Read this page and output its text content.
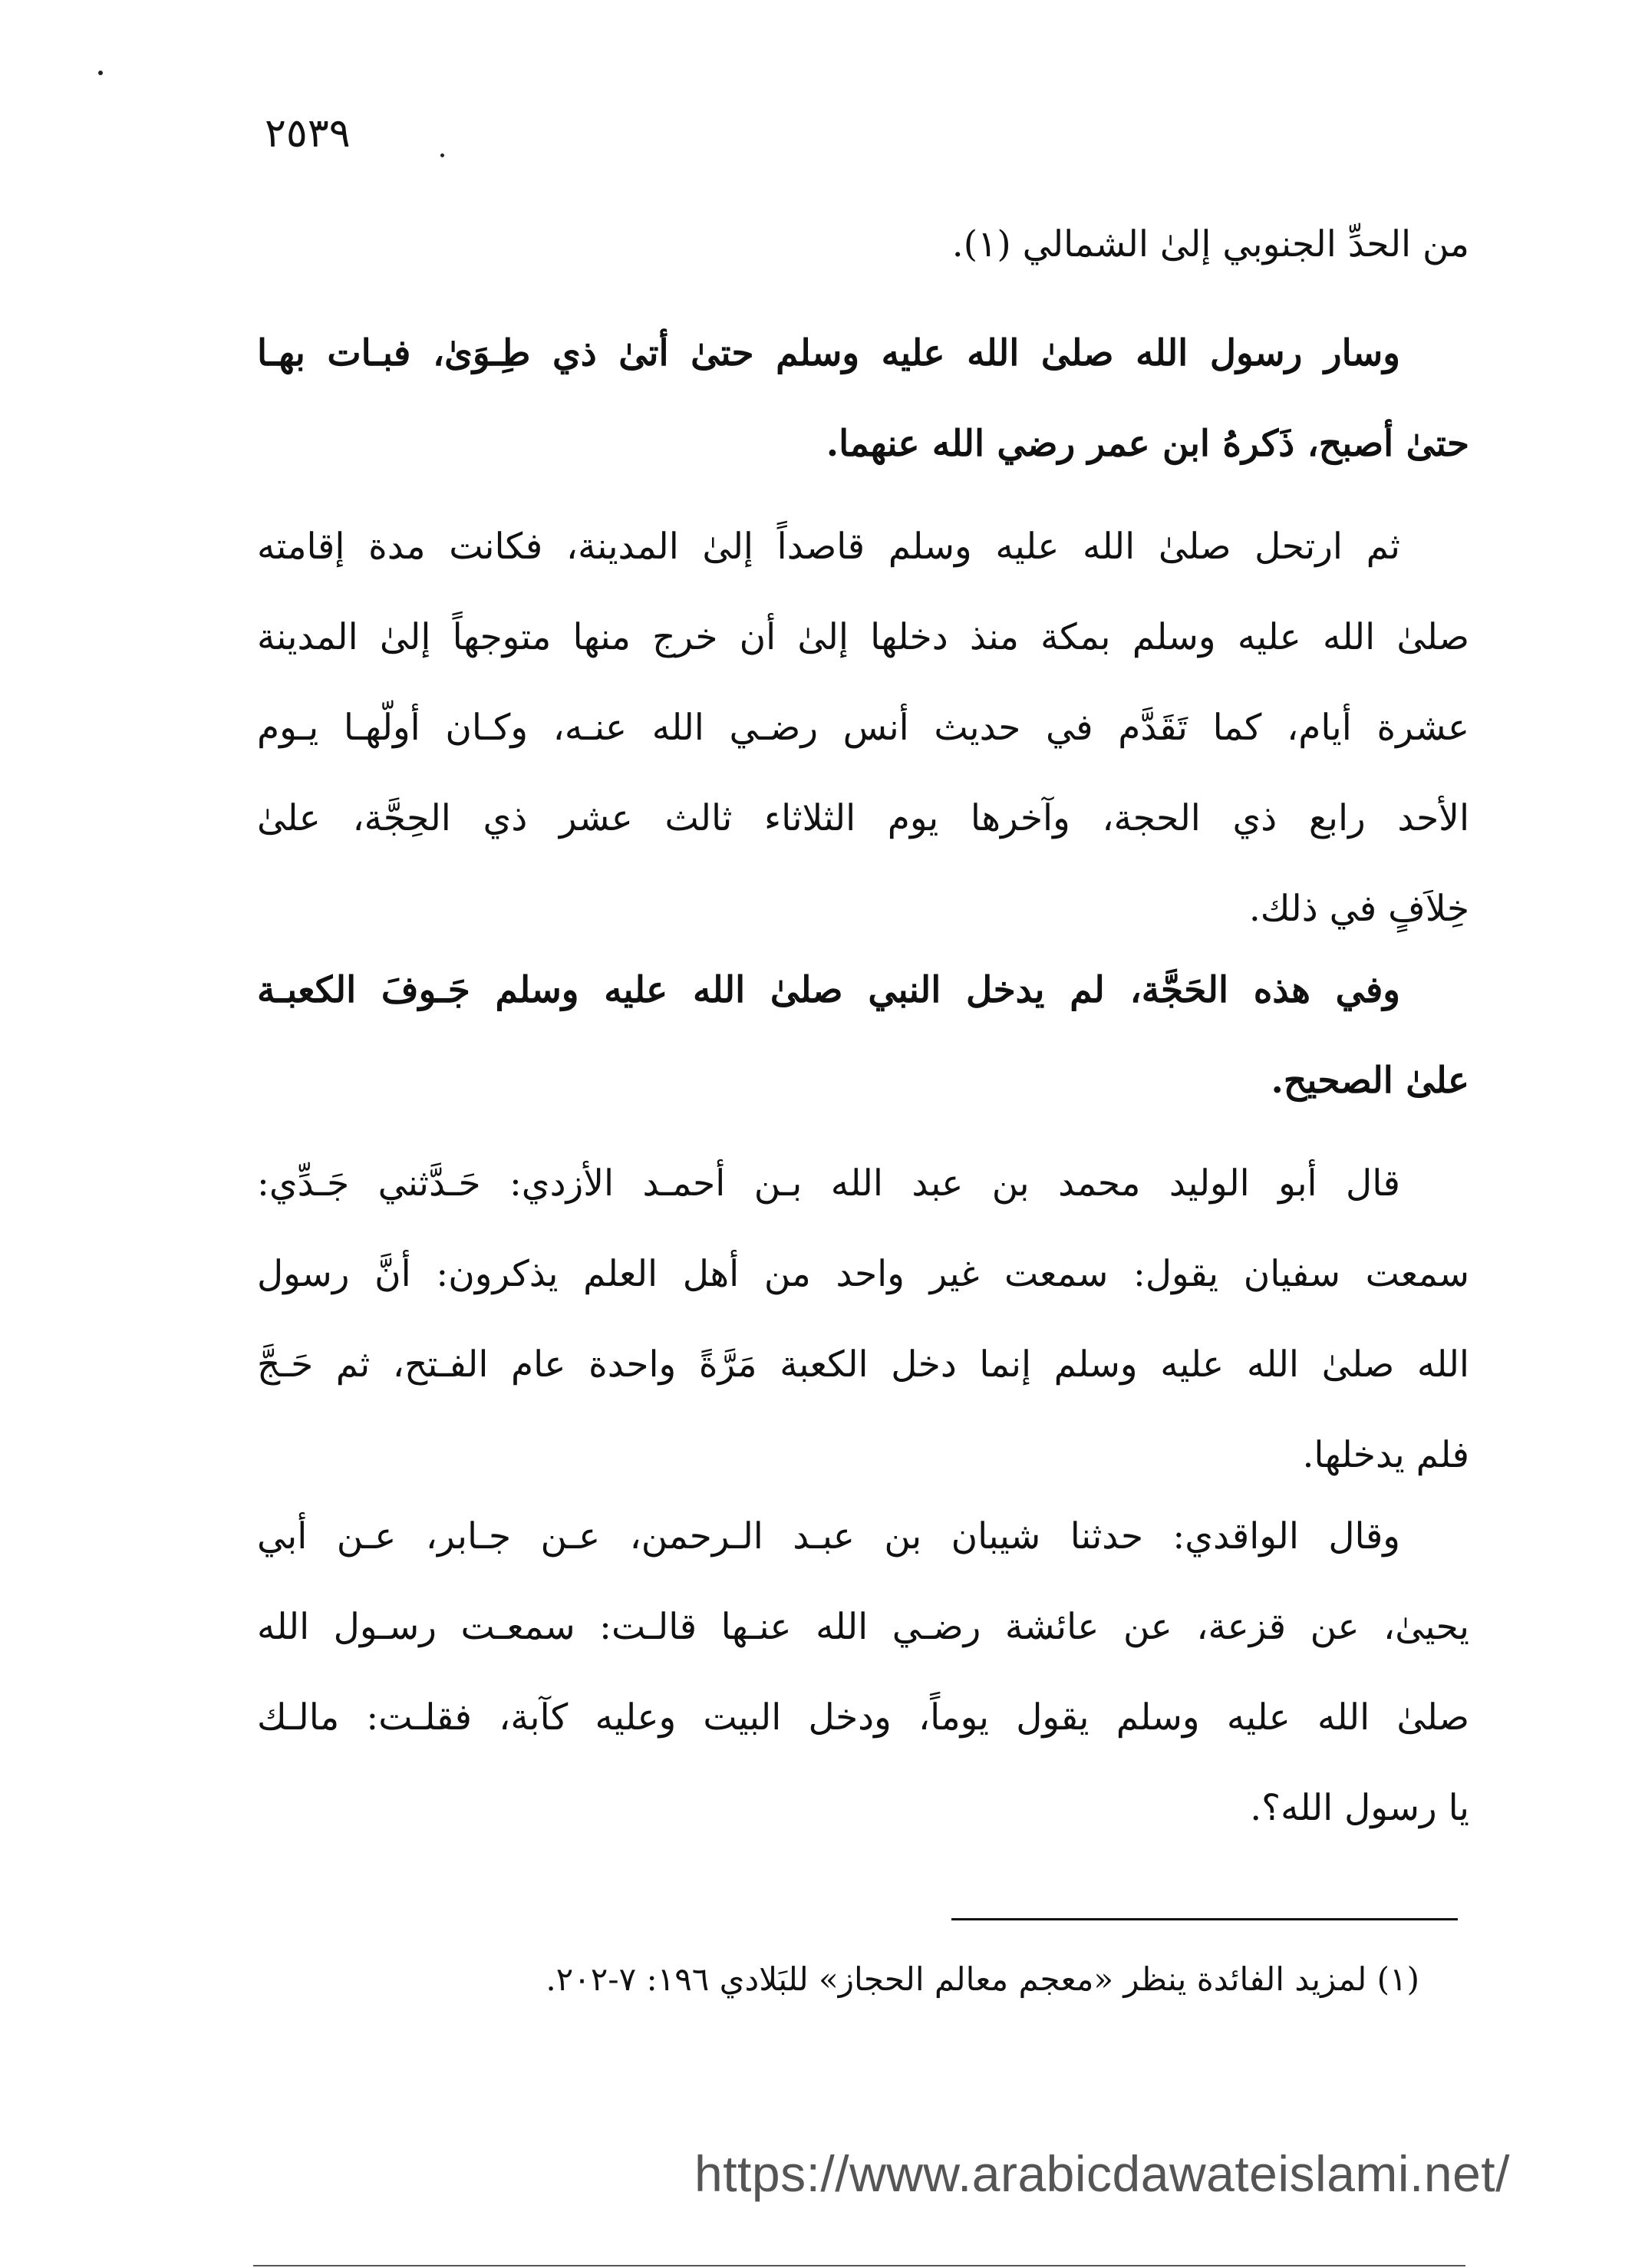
٢٥٣٩
من الحدِّ الجنوبي إلىٰ الشمالي (١).
وسار رسول الله صلىٰ الله عليه وسلم حتىٰ أتىٰ ذي طِـوَىٰ، فبـات بهـا
حتىٰ أصبح، ذَكرهُ ابن عمر رضي الله عنهما.
ثم ارتحل صلىٰ الله عليه وسلم قاصداً إلىٰ المدينة، فكانت مدة إقامته
صلىٰ الله عليه وسلم بمكة منذ دخلها إلىٰ أن خرج منها متوجهاً إلىٰ المدينة
عشرة أيام، كما تَقَدَّم في حديث أنس رضـي الله عنـه، وكـان أولّهـا يـوم
الأحد رابع ذي الحجة، وآخرها يوم الثلاثاء ثالث عشر ذي الحِجَّة، علىٰ
خِلاَفٍ في ذلك.
وفي هذه الحَجَّة، لم يدخل النبي صلىٰ الله عليه وسلم جَـوفَ الكعبـة
علىٰ الصحيح.
قال أبو الوليد محمد بن عبد الله بـن أحمـد الأزدي: حَـدَّثني جَـدِّي:
سمعت سفيان يقول: سمعت غير واحد من أهل العلم يذكرون: أنَّ رسول
الله صلىٰ الله عليه وسلم إنما دخل الكعبة مَرَّةً واحدة عام الفـتح، ثم حَـجَّ
فلم يدخلها.
وقال الواقدي: حدثنا شيبان بن عبـد الـرحمن، عـن جـابر، عـن أبي
يحيىٰ، عن قزعة، عن عائشة رضـي الله عنـها قالـت: سمعـت رسـول الله
صلىٰ الله عليه وسلم يقول يوماً، ودخل البيت وعليه كآبة، فقلـت: مالـك
يا رسول الله؟.
(١) لمزيد الفائدة ينظر «معجم معالم الحجاز» للبَلادي ١٩٦: ٧-٢٠٢.
https://www.arabicdawateislami.net/
